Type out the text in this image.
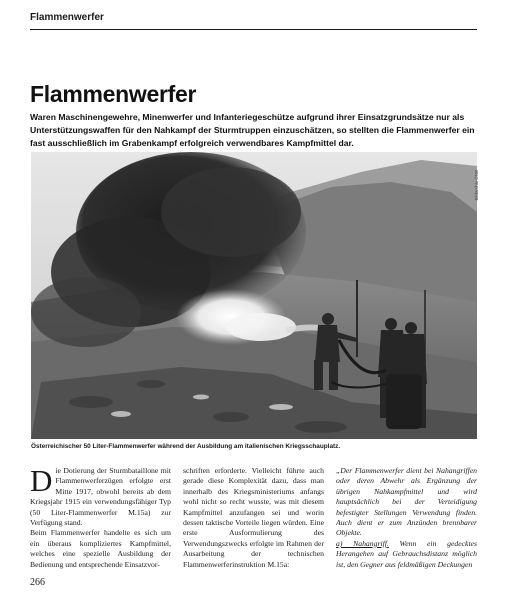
Flammenwerfer
Flammenwerfer

Waren Maschinengewehre, Minenwerfer und Infanteriegeschütze aufgrund ihrer Einsatzgrundsätze nur als Unterstützungswaffen für den Nahkampf der Sturmtruppen einzuschätzen, so stellten die Flammenwerfer ein fast ausschließlich im Grabenkampf erfolgreich verwendbares Kampfmittel dar.

Bildarchiv ÖNB

Österreichischer 50 Liter-Flammenwerfer während der Ausbildung am italienischen Kriegsschauplatz.

Die Dotierung der Sturmbataillone mit Flammenwerferzügen erfolgte erst Mitte 1917, obwohl bereits ab dem Kriegsjahr 1915 ein verwendungsfähiger Typ (50 Liter-Flammenwerfer M.15a) zur Verfügung stand.

Beim Flammenwerfer handelte es sich um ein überaus kompliziertes Kampfmittel, welches eine spezielle Ausbildung der Bedienung und entsprechende Einsatzvor-

schriften erforderte. Vielleicht führte auch gerade diese Komplexität dazu, dass man innerhalb des Kriegsministeriums anfangs wohl nicht so recht wusste, was mit diesem Kampfmittel anzufangen sei und worin dessen taktische Vorteile liegen würden. Eine erste Ausformulierung des Verwendungszwecks erfolgte im Rahmen der Ausarbeitung der technischen Flammenwerferinstruktion M.15a:

„Der Flammenwerfer dient bei Nahangriffen oder deren Abwehr als Ergänzung der übrigen Nahkampfmittel und wird hauptsächlich bei der Verteidigung befestigter Stellungen Verwendung finden. Auch dient er zum Anzünden brennbarer Objekte.

a) Nahangriff. Wenn ein gedecktes Herangehen auf Gebrauchsdistanz möglich ist, den Gegner aus feldmäßigen Deckungen

266
